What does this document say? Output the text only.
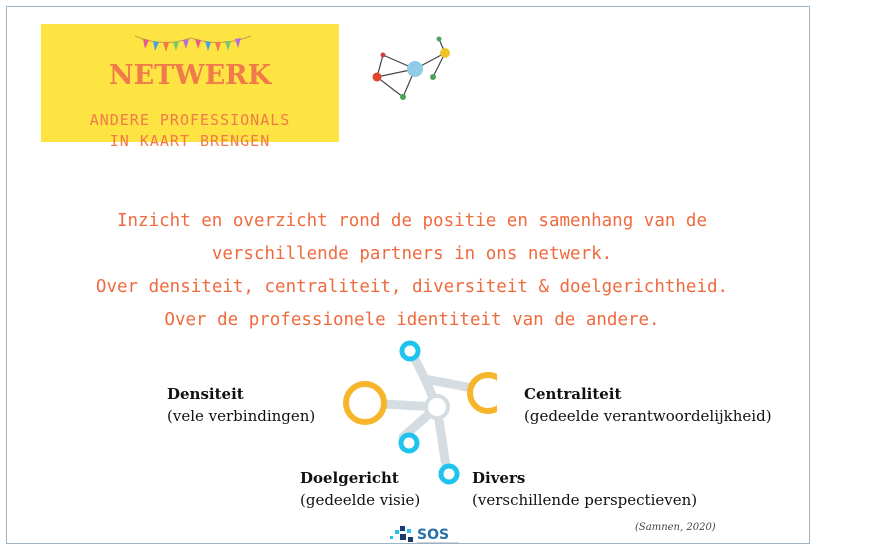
NETWERK
ANDERE PROFESSIONALS
IN KAART BRENGEN
Inzicht en overzicht rond de positie en samenhang van de
verschillende partners in ons netwerk.
Over densiteit, centraliteit, diversiteit & doelgerichtheid.
Over de professionele identiteit van de andere.
Densiteit
(vele verbindingen)
Centraliteit
(gedeelde verantwoordelijkheid)
Doelgericht
(gedeelde visie)
Divers
(verschillende perspectieven)
SOS	(Samnen, 2020)
